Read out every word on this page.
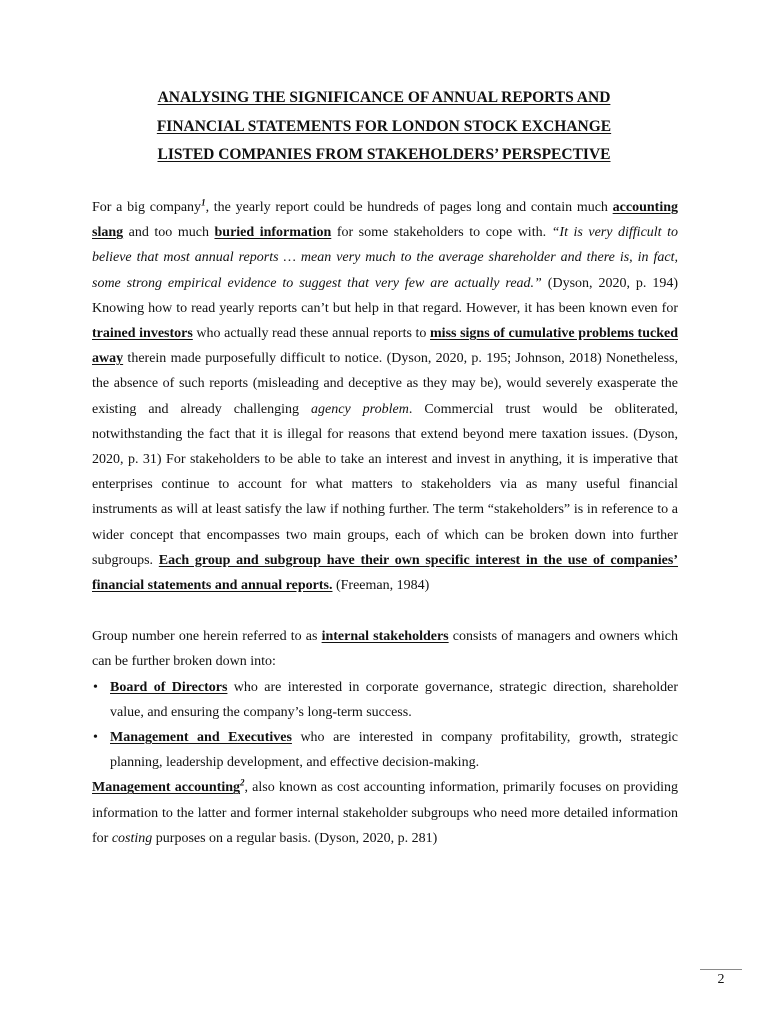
ANALYSING THE SIGNIFICANCE OF ANNUAL REPORTS AND
FINANCIAL STATEMENTS FOR LONDON STOCK EXCHANGE
LISTED COMPANIES FROM STAKEHOLDERS’ PERSPECTIVE

For a big company$^1$, the yearly report could be hundreds of pages long and contain much accounting slang and too much buried information for some stakeholders to cope with. “It is very difficult to believe that most annual reports … mean very much to the average shareholder and there is, in fact, some strong empirical evidence to suggest that very few are actually read.” (Dyson, 2020, p. 194) Knowing how to read yearly reports can’t but help in that regard. However, it has been known even for trained investors who actually read these annual reports to miss signs of cumulative problems tucked away therein made purposefully difficult to notice. (Dyson, 2020, p. 195; Johnson, 2018) Nonetheless, the absence of such reports (misleading and deceptive as they may be), would severely exasperate the existing and already challenging agency problem. Commercial trust would be obliterated, notwithstanding the fact that it is illegal for reasons that extend beyond mere taxation issues. (Dyson, 2020, p. 31) For stakeholders to be able to take an interest and invest in anything, it is imperative that enterprises continue to account for what matters to stakeholders via as many useful financial instruments as will at least satisfy the law if nothing further. The term “stakeholders” is in reference to a wider concept that encompasses two main groups, each of which can be broken down into further subgroups. Each group and subgroup have their own specific interest in the use of companies’ financial statements and annual reports. (Freeman, 1984)

Group number one herein referred to as internal stakeholders consists of managers and owners which can be further broken down into:

• Board of Directors who are interested in corporate governance, strategic direction, shareholder value, and ensuring the company’s long-term success.
• Management and Executives who are interested in company profitability, growth, strategic planning, leadership development, and effective decision-making.

Management accounting$^2$, also known as cost accounting information, primarily focuses on providing information to the latter and former internal stakeholder subgroups who need more detailed information for costing purposes on a regular basis. (Dyson, 2020, p. 281)

2
